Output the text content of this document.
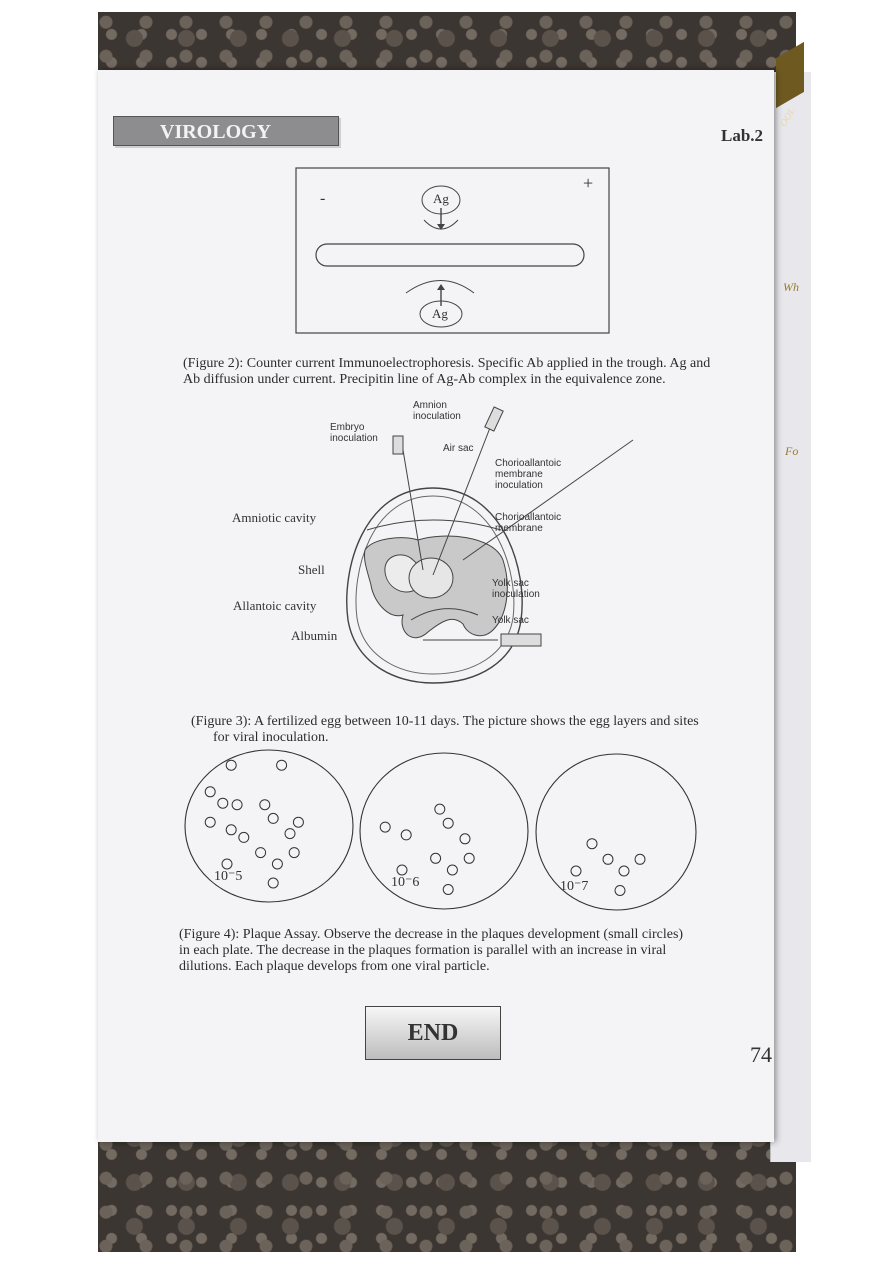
Wh
Fo
OOL
VIROLOGY	Lab.2
-
+
Ag
Ag
(Figure 2): Counter current Immunoelectrophoresis. Specific Ab applied in the trough. Ag and
Ab diffusion under current. Precipitin line of Ag-Ab complex in the equivalence zone.
Amnion
inoculation
Embryo
inoculation
Air sac
Chorioallantoic
membrane
inoculation
Amniotic cavity	Chorioallantoic
membrane
Shell
Yolk sac
inoculation
Allantoic cavity
Yolk sac
Albumin
(Figure 3): A fertilized egg between 10-11 days. The picture shows the egg layers and sites
for viral inoculation.
10⁻5	10⁻6	10⁻7
(Figure 4): Plaque Assay. Observe the decrease in the plaques development (small circles)
in each plate. The decrease in the plaques formation is parallel with an increase in viral
dilutions. Each plaque develops from one viral particle.
END
74
